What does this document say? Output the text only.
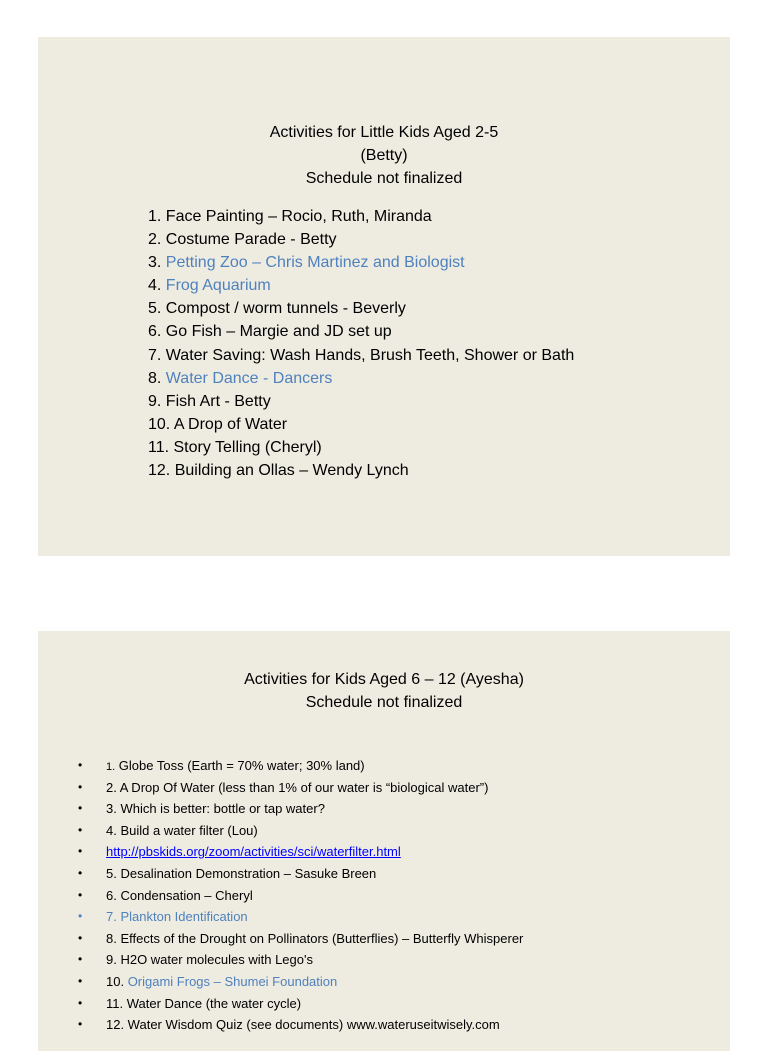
Activities for Little Kids Aged 2-5
(Betty)
Schedule not finalized
1. Face Painting – Rocio, Ruth, Miranda
2. Costume Parade - Betty
3. Petting Zoo – Chris Martinez and Biologist
4. Frog Aquarium
5. Compost / worm tunnels - Beverly
6. Go Fish – Margie and JD set up
7. Water Saving: Wash Hands, Brush Teeth, Shower or Bath
8. Water Dance - Dancers
9. Fish Art - Betty
10. A Drop of Water
11. Story Telling (Cheryl)
12. Building an Ollas – Wendy Lynch
Activities for Kids Aged 6 – 12 (Ayesha)
Schedule not finalized
•	1. Globe Toss (Earth = 70% water; 30% land)
•	2. A Drop Of Water (less than 1% of our water is “biological water”)
•	3. Which is better: bottle or tap water?
•	4. Build a water filter (Lou)
•	http://pbskids.org/zoom/activities/sci/waterfilter.html
•	5. Desalination Demonstration – Sasuke Breen
•	6. Condensation – Cheryl
•	7. Plankton Identification
•	8. Effects of the Drought on Pollinators (Butterflies) – Butterfly Whisperer
•	9. H2O water molecules with Lego's
•	10. Origami Frogs – Shumei Foundation
•	11. Water Dance (the water cycle)
•	12. Water Wisdom Quiz (see documents) www.wateruseitwisely.com
